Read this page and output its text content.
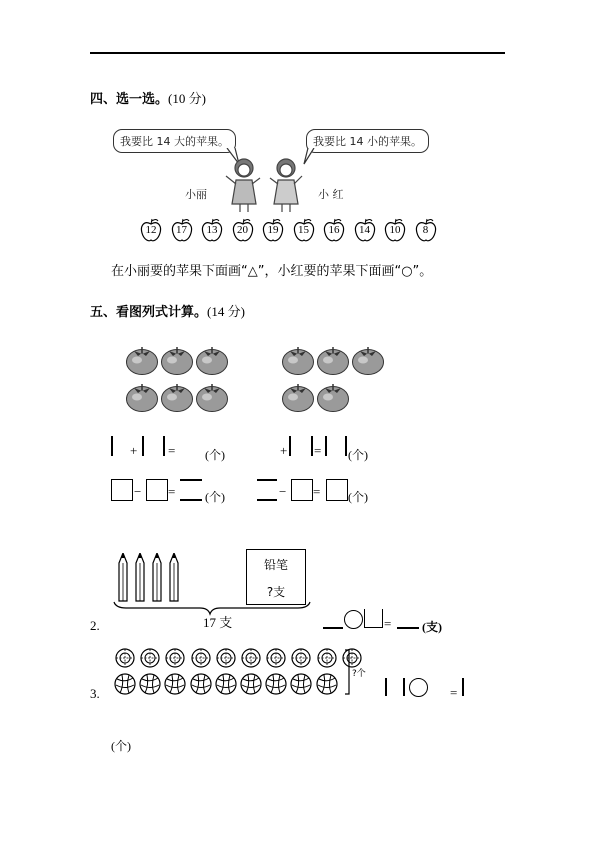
四、选一选。(10 分)
我要比 14 大的苹果。	我要比 14 小的苹果。
小丽	小 红
12	17	13	20	19	15	16	14	10	8
在小丽要的苹果下面画“△”，小红要的苹果下面画“○”。
五、看图列式计算。(14 分)
+ = (个)	+ = (个)
− = (个)	− = (个)
2.
铅笔
?支
17 支	=	(支)
3.
?个
=
(个)
